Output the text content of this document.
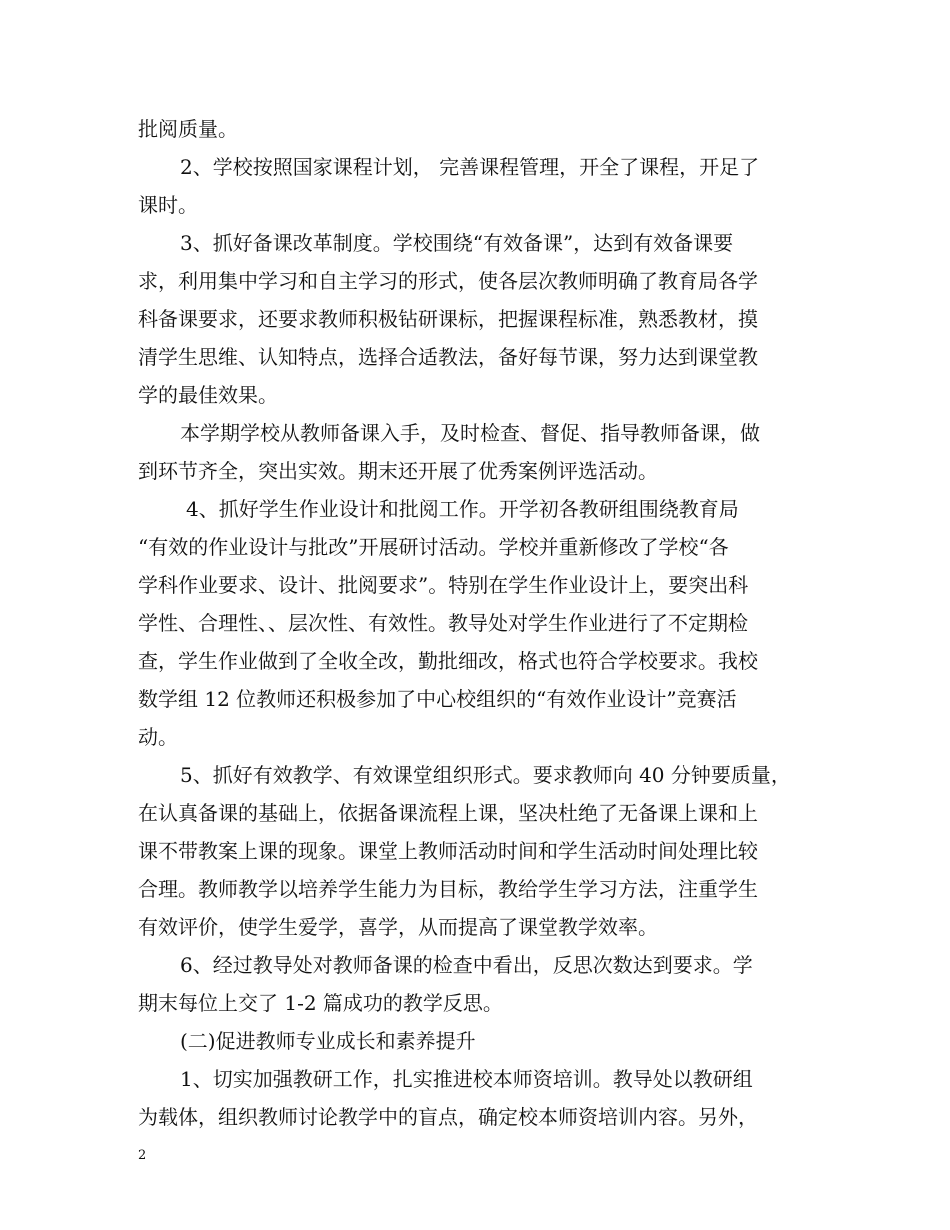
批阅质量。
2、学校按照国家课程计划， 完善课程管理，开全了课程，开足了
课时。
3、抓好备课改革制度。学校围绕“有效备课”，达到有效备课要
求，利用集中学习和自主学习的形式，使各层次教师明确了教育局各学
科备课要求，还要求教师积极钻研课标，把握课程标准，熟悉教材，摸
清学生思维、认知特点，选择合适教法，备好每节课，努力达到课堂教
学的最佳效果。
本学期学校从教师备课入手，及时检查、督促、指导教师备课，做
到环节齐全，突出实效。期末还开展了优秀案例评选活动。
4、抓好学生作业设计和批阅工作。开学初各教研组围绕教育局
“有效的作业设计与批改”开展研讨活动。学校并重新修改了学校“各
学科作业要求、设计、批阅要求”。特别在学生作业设计上，要突出科
学性、合理性、、层次性、有效性。教导处对学生作业进行了不定期检
查，学生作业做到了全收全改，勤批细改，格式也符合学校要求。我校
数学组 12 位教师还积极参加了中心校组织的“有效作业设计”竞赛活
动。
5、抓好有效教学、有效课堂组织形式。要求教师向 40 分钟要质量，
在认真备课的基础上，依据备课流程上课，坚决杜绝了无备课上课和上
课不带教案上课的现象。课堂上教师活动时间和学生活动时间处理比较
合理。教师教学以培养学生能力为目标，教给学生学习方法，注重学生
有效评价，使学生爱学，喜学，从而提高了课堂教学效率。
6、经过教导处对教师备课的检查中看出，反思次数达到要求。学
期末每位上交了 1-2 篇成功的教学反思。
(二)促进教师专业成长和素养提升
1、切实加强教研工作，扎实推进校本师资培训。教导处以教研组
为载体，组织教师讨论教学中的盲点，确定校本师资培训内容。另外，
2
